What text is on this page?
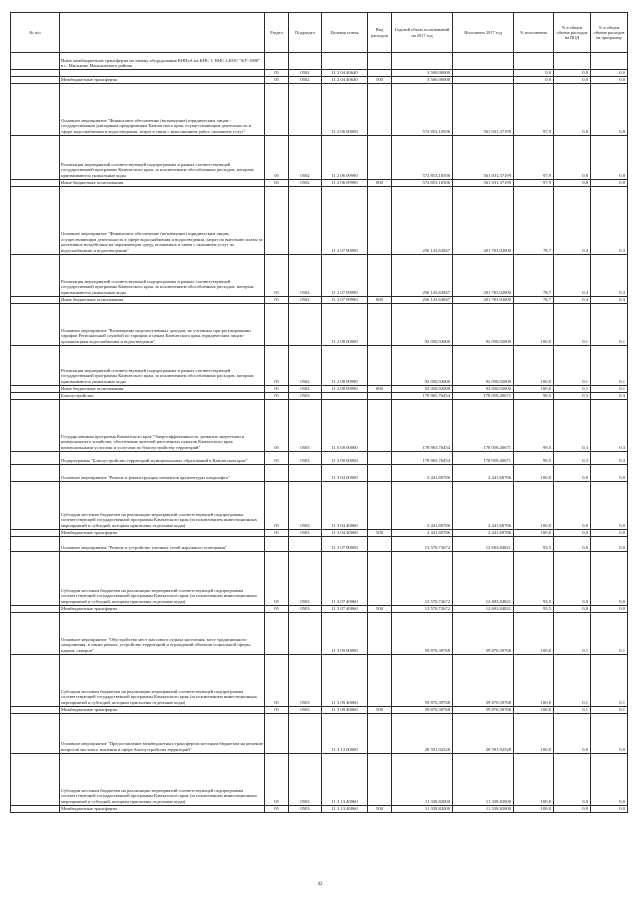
№ п/п		Раздел	Подраздел	Целевая статья	Вид расходов	Годовой объем ассигнований на 2017 год	Исполнено 2017 год	% исполнения	% в общем объеме расходов на ПОД	% в общем объеме расходов на программу
	Иные межбюджетные трансферты на замену оборудования КНПаА на КНС 1, КНС 2,КОС "КУ-1800" в с. Мильково Мильковского района									
		05	0502	11 2 04 40640		3 500,00000		0,0	0,0	0,0
	Межбюджетные трансферты	05	0502	11 2 04 40640	500	3 500,00000		0,0	0,0	0,0
	Основное мероприятие "Финансовое обеспечение (возмещение) юридическим лицам - государственным унитарным предприятиям Камчатского края, осуществляющим деятельность в сфере водоснабжения и водоотведения, затрат в связи с выполнением работ, оказанием услуг"			11 2 06 00000		572 853,10506	561 031,37199	97,9	0,8	0,8
	Реализация мероприятий соответствующей подпрограммы в рамках соответствующей государственной программы Камчатского края, за исключением обособленных расходов, которым присваиваются уникальные коды	05	0502	11 2 06 09990		572 853,10506	561 031,37199	97,9	0,8	0,8
	Иные бюджетные ассигнования	05	0502	11 2 06 09990	800	572 853,10506	561 031,37199	97,9	0,8	0,8
	Основное мероприятие "Финансовое обеспечение (возмещение) юридическим лицам, осуществляющим деятельность в сфере водоснабжения и водоотведения, затрат по внесению платы за негативное воздействие на окружающую среду, возникших в связи с оказанием услуг по водоснабжению и водоотведению"			11 2 07 00000		256 143,63847	201 703,92000	78,7	0,4	0,3
	Реализация мероприятий соответствующей подпрограммы в рамках соответствующей государственной программы Камчатского края, за исключением обособленных расходов, которым присваиваются уникальные коды	05	0502	11 2 07 09990		256 143,63847	201 703,92000	78,7	0,4	0,3
	Иные бюджетные ассигнования	05	0502	11 2 07 09990	800	256 143,63847	201 703,92000	78,7	0,4	0,3
	Основное мероприятие "Возмещение недополученных доходов, не учтенных при регулировании тарифов Региональной службой по тарифам и ценам Камчатского края, юридическим лицам - организациям водоснабжения и водоотведения"			11 2 08 00000		92 050,92000	92 050,92000	100,0	0,1	0,1
	Реализация мероприятий соответствующей подпрограммы в рамках соответствующей государственной программы Камчатского края, за исключением обособленных расходов, которым присваиваются уникальные коды	05	0502	11 2 08 09990		92 050,92000	92 050,92000	100,0	0,1	0,1
	Иные бюджетные ассигнования	05	0502	11 2 08 09990	800	92 050,92000	92 050,92000	100,0	0,1	0,1
	Благоустройство	05	0503			178 965,76454	178 058,40671	99,5	0,3	0,3
	Государственная программа Камчатского края "Энергоэффективность, развитие энергетики и коммунального хозяйства, обеспечение жителей населенных пунктов Камчатского края коммунальными услугами и услугами по благоустройству территорий"	05	0503	11 0 00 00000		178 965,76454	178 058,40671	99,5	0,3	0,3
	Подпрограмма "Благоустройство территорий муниципальных образований в Камчатском крае"	05	0503	11 3 00 00000		178 965,76454	178 058,40671	99,5	0,3	0,3
	Основное мероприятие "Ремонт и реконструкция элементов архитектуры ландшафта"			11 3 04 00000		2 441,69786	2 441,69786	100,0	0,0	0,0
	Субсидии местным бюджетам на реализацию мероприятий соответствующей подпрограммы соответствующей государственной программы Камчатского края (за исключением инвестиционных мероприятий и субсидий, которым присвоены отдельные коды)	05	0503	11 3 04 40060		2 441,69786	2 441,69786	100,0	0,0	0,0
	Межбюджетные трансферты	05	0503	11 3 04 40060	500	2 441,69786	2 441,69786	100,0	0,0	0,0
	Основное мероприятие "Ремонт и устройство уличных сетей наружного освещения"			11 3 07 00000		13 570,72672	12 693,84821	93,5	0,0	0,0
	Субсидии местным бюджетам на реализацию мероприятий соответствующей подпрограммы соответствующей государственной программы Камчатского края (за исключением инвестиционных мероприятий и субсидий, которым присвоены отдельные коды)	05	0503	11 3 07 40060		13 570,72672	12 693,84821	93,5	0,0	0,0
	Межбюджетные трансферты	05	0503	11 3 07 40060	500	13 570,72672	12 693,84821	93,5	0,0	0,0
	Основное мероприятие "Обустройство мест массового отдыха населения, мест традиционного захоронения, в также ремонт, устройство территорий и ограждений объектов социальной сферы, парков, скверов"			11 3 09 00000		59 870,39768	59 870,39768	100,0	0,1	0,1
	Субсидии местным бюджетам на реализацию мероприятий соответствующей подпрограммы соответствующей государственной программы Камчатского края (за исключением инвестиционных мероприятий и субсидий, которым присвоены отдельные коды)	05	0503	11 3 09 40060		59 870,39768	59 870,39768	100,0	0,1	0,1
	Межбюджетные трансферты	05	0503	11 3 09 40060	500	59 870,39768	59 870,39768	100,0	0,1	0,1
	Основное мероприятие "Предоставление межбюджетных трансфертов местным бюджетам на решение вопросов местного значения в сфере благоустройства территорий"			11 3 13 00000		28 591,92528	28 591,92528	100,0	0,0	0,0
	Субсидии местным бюджетам на реализацию мероприятий соответствующей подпрограммы соответствующей государственной программы Камчатского края (за исключением инвестиционных мероприятий и субсидий, которым присвоены отдельные коды)	05	0503	11 3 13 40060		11 339,82000	11 339,82000	100,0	0,0	0,0
	Межбюджетные трансферты	05	0503	11 3 13 40060	500	11 339,82000	11 339,82000	100,0	0,0	0,0
42
